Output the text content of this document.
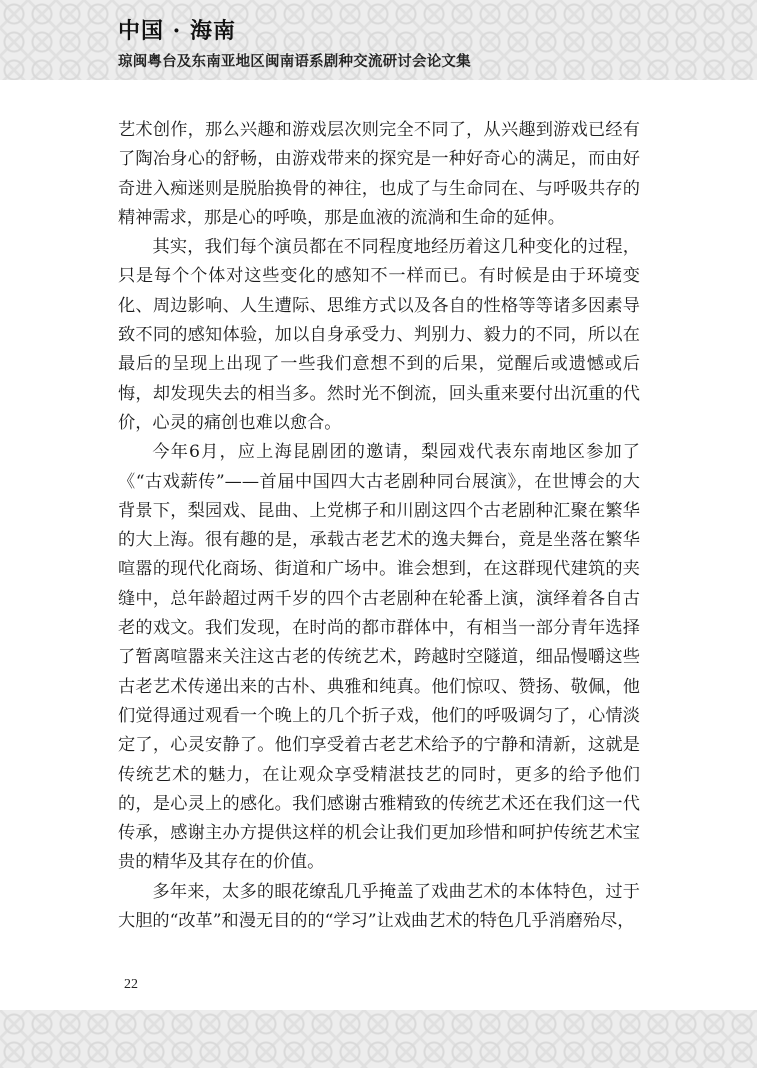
中国 · 海南
琼闽粤台及东南亚地区闽南语系剧种交流研讨会论文集

艺术创作，那么兴趣和游戏层次则完全不同了，从兴趣到游戏已经有了陶冶身心的舒畅，由游戏带来的探究是一种好奇心的满足，而由好奇进入痴迷则是脱胎换骨的神往，也成了与生命同在、与呼吸共存的精神需求，那是心的呼唤，那是血液的流淌和生命的延伸。

其实，我们每个演员都在不同程度地经历着这几种变化的过程，只是每个个体对这些变化的感知不一样而已。有时候是由于环境变化、周边影响、人生遭际、思维方式以及各自的性格等等诸多因素导致不同的感知体验，加以自身承受力、判别力、毅力的不同，所以在最后的呈现上出现了一些我们意想不到的后果，觉醒后或遗憾或后悔，却发现失去的相当多。然时光不倒流，回头重来要付出沉重的代价，心灵的痛创也难以愈合。

今年6月，应上海昆剧团的邀请，梨园戏代表东南地区参加了《“古戏薪传”——首届中国四大古老剧种同台展演》，在世博会的大背景下，梨园戏、昆曲、上党梆子和川剧这四个古老剧种汇聚在繁华的大上海。很有趣的是，承载古老艺术的逸夫舞台，竟是坐落在繁华喧嚣的现代化商场、街道和广场中。谁会想到，在这群现代建筑的夹缝中，总年龄超过两千岁的四个古老剧种在轮番上演，演绎着各自古老的戏文。我们发现，在时尚的都市群体中，有相当一部分青年选择了暂离喧嚣来关注这古老的传统艺术，跨越时空隧道，细品慢嚼这些古老艺术传递出来的古朴、典雅和纯真。他们惊叹、赞扬、敬佩，他们觉得通过观看一个晚上的几个折子戏，他们的呼吸调匀了，心情淡定了，心灵安静了。他们享受着古老艺术给予的宁静和清新，这就是传统艺术的魅力，在让观众享受精湛技艺的同时，更多的给予他们的，是心灵上的感化。我们感谢古雅精致的传统艺术还在我们这一代传承，感谢主办方提供这样的机会让我们更加珍惜和呵护传统艺术宝贵的精华及其存在的价值。

多年来，太多的眼花缭乱几乎掩盖了戏曲艺术的本体特色，过于大胆的“改革”和漫无目的的“学习”让戏曲艺术的特色几乎消磨殆尽，

22
